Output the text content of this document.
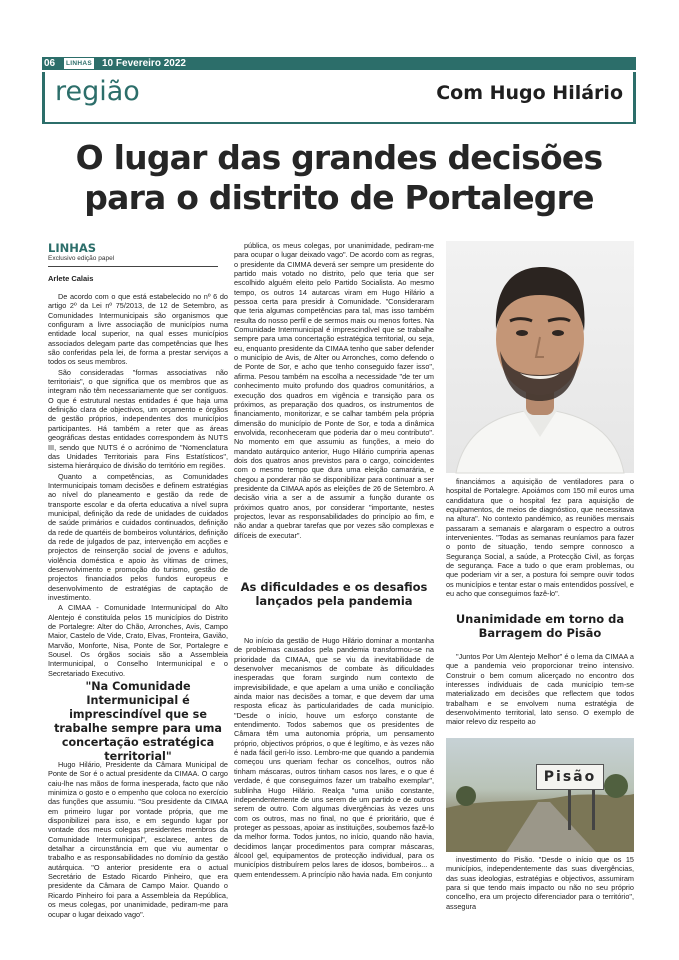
06	LINHAS 10 Fevereiro 2022
região	Com Hugo Hilário
O lugar das grandes decisões
para o distrito de Portalegre
LINHAS
Exclusivo edição papel
Arlete Calais

De acordo com o que está estabelecido no nº 6 do artigo 2º da Lei nº 75/2013, de 12 de Setembro, as Comunidades Intermunicipais são organismos que configuram a livre associação de municípios numa entidade local superior, na qual esses municípios associados delegam parte das competências que lhes são conferidas pela lei, de forma a prestar serviços a todos os seus membros.

São consideradas "formas associativas não territoriais", o que significa que os membros que as integram não têm necessariamente que ser contíguos. O que é estrutural nestas entidades é que haja uma definição clara de objectivos, um orçamento e órgãos de gestão próprios, independentes dos municípios participantes. Há também a reter que as áreas geográficas destas entidades correspondem às NUTS III, sendo que NUTS é o acrónimo de "Nomenclatura das Unidades Territoriais para Fins Estatísticos", sistema hierárquico de divisão do território em regiões.

Quanto a competências, as Comunidades Intermunicipais tomam decisões e definem estratégias ao nível do planeamento e gestão da rede de transporte escolar e da oferta educativa a nível supra municipal, definição da rede de unidades de cuidados de saúde primários e cuidados continuados, definição da rede de quartéis de bombeiros voluntários, definição da rede de julgados de paz, intervenção em acções e projectos de reinserção social de jovens e adultos, violência doméstica e apoio às vítimas de crimes, desenvolvimento e promoção do turismo, gestão de projectos financiados pelos fundos europeus e desenvolvimento de estratégias de captação de investimento.

A CIMAA - Comunidade Intermunicipal do Alto Alentejo é constituída pelos 15 municípios do Distrito de Portalegre: Alter do Chão, Arronches, Avis, Campo Maior, Castelo de Vide, Crato, Elvas, Fronteira, Gavião, Marvão, Monforte, Nisa, Ponte de Sor, Portalegre e Sousel. Os órgãos sociais são a Assembleia Intermunicipal, o Conselho Intermunicipal e o Secretariado Executivo.

"Na Comunidade Intermunicipal é imprescindível que se trabalhe sempre para uma concertação estratégica territorial"

Hugo Hilário, Presidente da Câmara Municipal de Ponte de Sor é o actual presidente da CIMAA. O cargo caiu-lhe nas mãos de forma inesperada, facto que não minimiza o gosto e o empenho que coloca no exercício das funções que assumiu. "Sou presidente da CIMAA em primeiro lugar por vontade própria, que me disponibilizei para isso, e em segundo lugar por vontade dos meus colegas presidentes membros da Comunidade Intermunicipal", esclarece, antes de detalhar a circunstância em que viu aumentar o trabalho e as responsabilidades no domínio da gestão autárquica. "O anterior presidente era o actual Secretário de Estado Ricardo Pinheiro, que era presidente da Câmara de Campo Maior. Quando o Ricardo Pinheiro foi para a Assembleia da República, os meus colegas, por unanimidade, pediram-me para ocupar o lugar deixado vago".

pública, os meus colegas, por unanimidade, pediram-me para ocupar o lugar deixado vago". De acordo com as regras, o presidente da CIMMA deverá ser sempre um presidente do partido mais votado no distrito, pelo que teria que ser escolhido alguém eleito pelo Partido Socialista. Ao mesmo tempo, os outros 14 autarcas viram em Hugo Hilário a pessoa certa para presidir à Comunidade. "Consideraram que teria algumas competências para tal, mas isso também resulta do nosso perfil e de sermos mais ou menos fortes. Na Comunidade Intermunicipal é imprescindível que se trabalhe sempre para uma concertação estratégica territorial, ou seja, eu, enquanto presidente da CIMAA tenho que saber defender o município de Avis, de Alter ou Arronches, como defendo o de Ponte de Sor, e acho que tenho conseguido fazer isso", afirma. Pesou também na escolha a necessidade "de ter um conhecimento muito profundo dos quadros comunitários, a execução dos quadros em vigência e transição para os próximos, as preparação dos quadros, os instrumentos de financiamento, monitorizar, e se calhar também pela própria dimensão do município de Ponte de Sor, e toda a dinâmica envolvida, reconheceram que poderia dar o meu contributo". No momento em que assumiu as funções, a meio do mandato autárquico anterior, Hugo Hilário cumpriria apenas dois dos quatros anos previstos para o cargo, coincidentes com o mesmo tempo que dura uma eleição camarária, e chegou a ponderar não se disponibilizar para continuar a ser presidente da CIMAA após as eleições de 26 de Setembro. A decisão viria a ser a de assumir a função durante os próximos quatro anos, por considerar "importante, nestes projectos, levar as responsabilidades do princípio ao fim, e não andar a quebrar tarefas que por vezes são complexas e difíceis de executar".

As dificuldades e os desafios lançados pela pandemia

No início da gestão de Hugo Hilário dominar a montanha de problemas causados pela pandemia transformou-se na prioridade da CIMAA, que se viu da inevitabilidade de desenvolver mecanismos de combate às dificuldades inesperadas que foram surgindo num contexto de imprevisibilidade, e que apelam a uma união e conciliação ainda maior nas decisões a tomar, e que devem dar uma resposta eficaz às particularidades de cada município. "Desde o início, houve um esforço constante de entendimento. Todos sabemos que os presidentes de Câmara têm uma autonomia própria, um pensamento próprio, objectivos próprios, o que é legítimo, e às vezes não é nada fácil geri-lo isso. Lembro-me que quando a pandemia começou uns queriam fechar os concelhos, outros não tinham máscaras, outros tinham casos nos lares, e o que é verdade, é que conseguimos fazer um trabalho exemplar", sublinha Hugo Hilário. Realça "uma união constante, independentemente de uns serem de um partido e de outros serem de outro. Com algumas divergências às vezes uns com os outros, mas no final, no que é prioritário, que é proteger as pessoas, apoiar as instituições, soubemos fazê-lo da melhor forma. Todos juntos, no início, quando não havia, decidimos lançar procedimentos para comprar máscaras, álcool gel, equipamentos de protecção individual, para os municípios distribuírem pelos lares de idosos, bombeiros... a quem entendessem. A princípio não havia nada. Em conjunto

financiámos a aquisição de ventiladores para o hospital de Portalegre. Apoiámos com 150 mil euros uma candidatura que o hospital fez para aquisição de equipamentos, de meios de diagnóstico, que necessitava na altura". No contexto pandémico, as reuniões mensais passaram a semanais e alargaram o espectro a outros intervenientes. "Todas as semanas reuníamos para fazer o ponto de situação, tendo sempre connosco a Segurança Social, a saúde, a Protecção Civil, as forças de segurança. Face a tudo o que eram problemas, ou que poderiam vir a ser, a postura foi sempre ouvir todos os municípios e tentar estar o mais entendidos possível, e eu acho que conseguimos fazê-lo".

Unanimidade em torno da Barragem do Pisão

"Juntos Por Um Alentejo Melhor" é o lema da CIMAA a que a pandemia veio proporcionar treino intensivo. Construir o bem comum alicerçado no encontro dos interesses individuais de cada município tem-se materializado em decisões que reflectem que todos trabalham e se envolvem numa estratégia de desenvolvimento territorial, lato senso. O exemplo de maior relevo diz respeito ao

Pisão

investimento do Pisão. "Desde o início que os 15 municípios, independentemente das suas divergências, das suas ideologias, estratégias e objectivos, assumiram para si que tendo mais impacto ou não no seu próprio concelho, era um projecto diferenciador para o território", assegura
